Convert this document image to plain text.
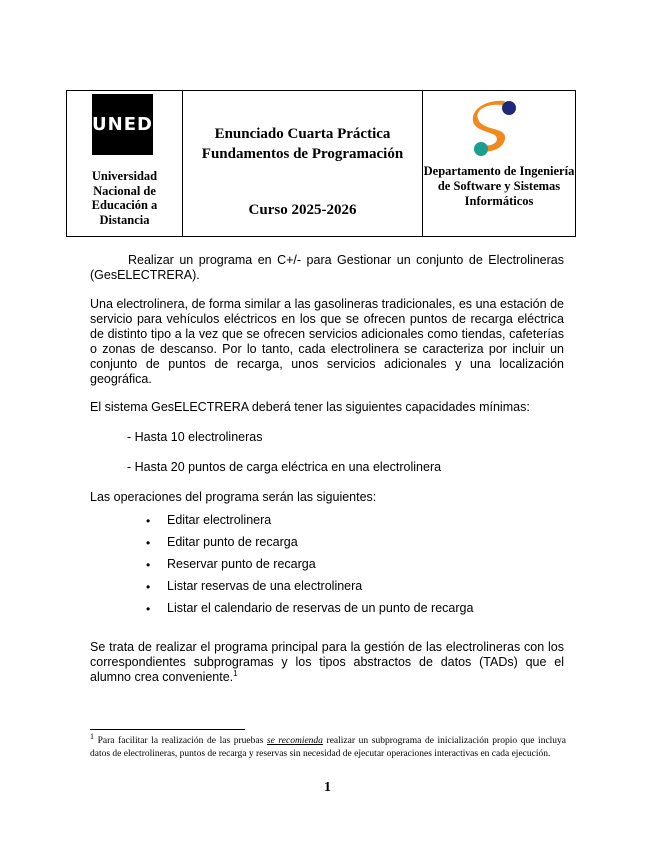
UNED
Universidad Nacional de Educación a Distancia
Enunciado Cuarta Práctica
Fundamentos de Programación
Curso 2025-2026
Departamento de Ingeniería de Software y Sistemas Informáticos
Realizar un programa en C+/- para Gestionar un conjunto de Electrolineras (GesELECTRERA).
Una electrolinera, de forma similar a las gasolineras tradicionales, es una estación de servicio para vehículos eléctricos en los que se ofrecen puntos de recarga eléctrica de distinto tipo a la vez que se ofrecen servicios adicionales como tiendas, cafeterías o zonas de descanso. Por lo tanto, cada electrolinera se caracteriza por incluir un conjunto de puntos de recarga, unos servicios adicionales y una localización geográfica.
El sistema GesELECTRERA deberá tener las siguientes capacidades mínimas:
- Hasta 10 electrolineras
- Hasta 20 puntos de carga eléctrica en una electrolinera
Las operaciones del programa serán las siguientes:
• Editar electrolinera
• Editar punto de recarga
• Reservar punto de recarga
• Listar reservas de una electrolinera
• Listar el calendario de reservas de un punto de recarga
Se trata de realizar el programa principal para la gestión de las electrolineras con los correspondientes subprogramas y los tipos abstractos de datos (TADs) que el alumno crea conveniente.$^1$
$^1$ Para facilitar la realización de las pruebas se recomienda realizar un subprograma de inicialización propio que incluya datos de electrolineras, puntos de recarga y reservas sin necesidad de ejecutar operaciones interactivas en cada ejecución.
1
